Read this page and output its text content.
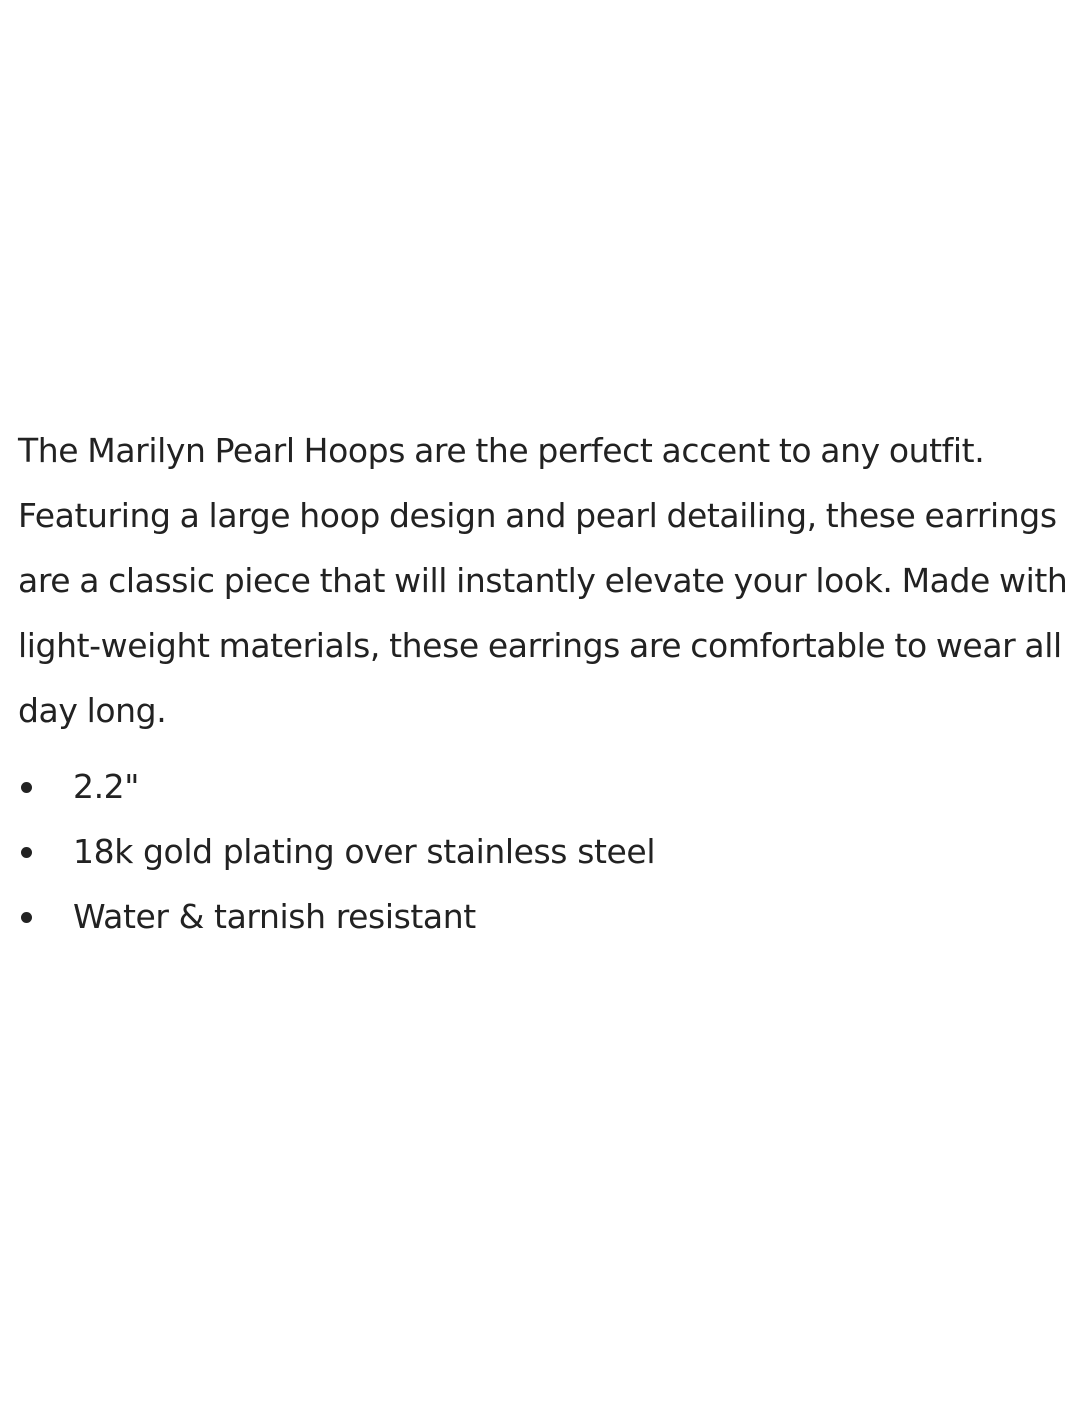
The Marilyn Pearl Hoops are the perfect accent to any outfit. Featuring a large hoop design and pearl detailing, these earrings are a classic piece that will instantly elevate your look. Made with light-weight materials, these earrings are comfortable to wear all day long.

2.2"
18k gold plating over stainless steel
Water & tarnish resistant
